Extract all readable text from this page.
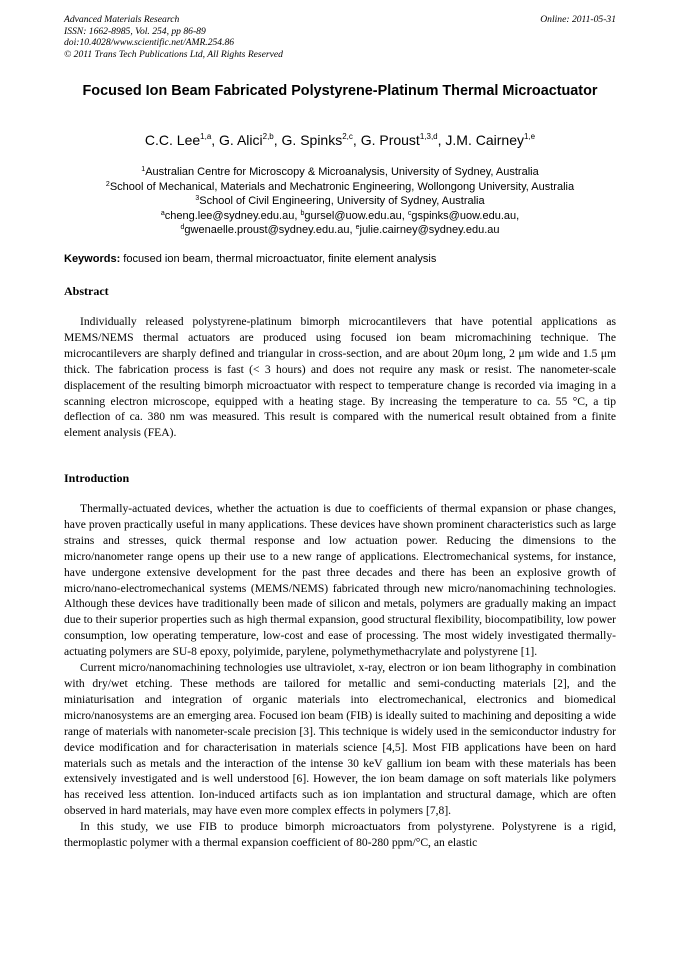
Advanced Materials Research
ISSN: 1662-8985, Vol. 254, pp 86-89
doi:10.4028/www.scientific.net/AMR.254.86
© 2011 Trans Tech Publications Ltd, All Rights Reserved
Online: 2011-05-31
Focused Ion Beam Fabricated Polystyrene-Platinum Thermal Microactuator
C.C. Lee$^{1,a}$, G. Alici$^{2,b}$, G. Spinks$^{2,c}$, G. Proust$^{1,3,d}$, J.M. Cairney$^{1,e}$
$^1$Australian Centre for Microscopy & Microanalysis, University of Sydney, Australia
$^2$School of Mechanical, Materials and Mechatronic Engineering, Wollongong University, Australia
$^3$School of Civil Engineering, University of Sydney, Australia
$^a$cheng.lee@sydney.edu.au, $^b$gursel@uow.edu.au, $^c$gspinks@uow.edu.au,
$^d$gwenaelle.proust@sydney.edu.au, $^e$julie.cairney@sydney.edu.au
Keywords: focused ion beam, thermal microactuator, finite element analysis
Abstract

Individually released polystyrene-platinum bimorph microcantilevers that have potential applications as MEMS/NEMS thermal actuators are produced using focused ion beam micromachining technique. The microcantilevers are sharply defined and triangular in cross-section, and are about 20μm long, 2 μm wide and 1.5 μm thick. The fabrication process is fast (< 3 hours) and does not require any mask or resist. The nanometer-scale displacement of the resulting bimorph microactuator with respect to temperature change is recorded via imaging in a scanning electron microscope, equipped with a heating stage. By increasing the temperature to ca. 55 °C, a tip deflection of ca. 380 nm was measured. This result is compared with the numerical result obtained from a finite element analysis (FEA).

Introduction

Thermally-actuated devices, whether the actuation is due to coefficients of thermal expansion or phase changes, have proven practically useful in many applications. These devices have shown prominent characteristics such as large strains and stresses, quick thermal response and low actuation power. Reducing the dimensions to the micro/nanometer range opens up their use to a new range of applications. Electromechanical systems, for instance, have undergone extensive development for the past three decades and there has been an explosive growth of micro/nano-electromechanical systems (MEMS/NEMS) fabricated through new micro/nanomachining technologies. Although these devices have traditionally been made of silicon and metals, polymers are gradually making an impact due to their superior properties such as high thermal expansion, good structural flexibility, biocompatibility, low power consumption, low operating temperature, low-cost and ease of processing. The most widely investigated thermally-actuating polymers are SU-8 epoxy, polyimide, parylene, polymethymethacrylate and polystyrene [1].

Current micro/nanomachining technologies use ultraviolet, x-ray, electron or ion beam lithography in combination with dry/wet etching. These methods are tailored for metallic and semi-conducting materials [2], and the miniaturisation and integration of organic materials into electromechanical, electronics and biomedical micro/nanosystems are an emerging area. Focused ion beam (FIB) is ideally suited to machining and depositing a wide range of materials with nanometer-scale precision [3]. This technique is widely used in the semiconductor industry for device modification and for characterisation in materials science [4,5]. Most FIB applications have been on hard materials such as metals and the interaction of the intense 30 keV gallium ion beam with these materials has been extensively investigated and is well understood [6]. However, the ion beam damage on soft materials like polymers has received less attention. Ion-induced artifacts such as ion implantation and structural damage, which are often observed in hard materials, may have even more complex effects in polymers [7,8].

In this study, we use FIB to produce bimorph microactuators from polystyrene. Polystyrene is a rigid, thermoplastic polymer with a thermal expansion coefficient of 80-280 ppm/°C, an elastic
